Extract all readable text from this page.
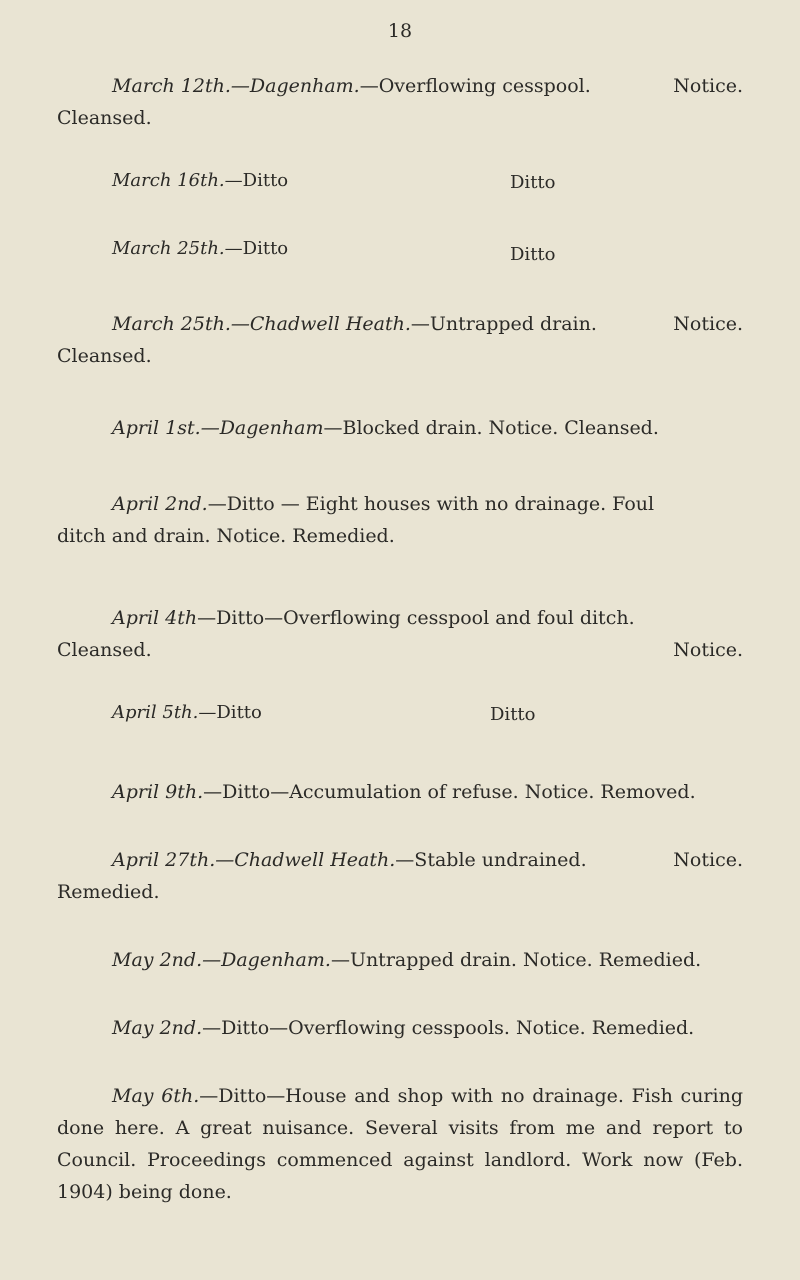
18

March 12th.—Dagenham.—Overflowing cesspool.	Notice.

Cleansed.

March 16th.—Ditto	Ditto
March 25th.—Ditto	Ditto

March 25th.—Chadwell Heath.—Untrapped drain.	Notice.

Cleansed.

April 1st.—Dagenham—Blocked drain. Notice. Cleansed.

April 2nd.—Ditto — Eight houses with no drainage. Foul

ditch and drain. Notice. Remedied.

April 4th—Ditto—Overflowing cesspool and foul ditch.
Notice.

Cleansed.

April 5th.—Ditto	Ditto

April 9th.—Ditto—Accumulation of refuse. Notice. Removed.

April 27th.—Chadwell Heath.—Stable undrained.	Notice.

Remedied.

May 2nd.—Dagenham.—Untrapped drain. Notice. Remedied.

May 2nd.—Ditto—Overflowing cesspools. Notice. Remedied.

May 6th.—Ditto—House and shop with no drainage. Fish curing done here. A great nuisance. Several visits from me and report to Council. Proceedings commenced against landlord. Work now (Feb. 1904) being done.
